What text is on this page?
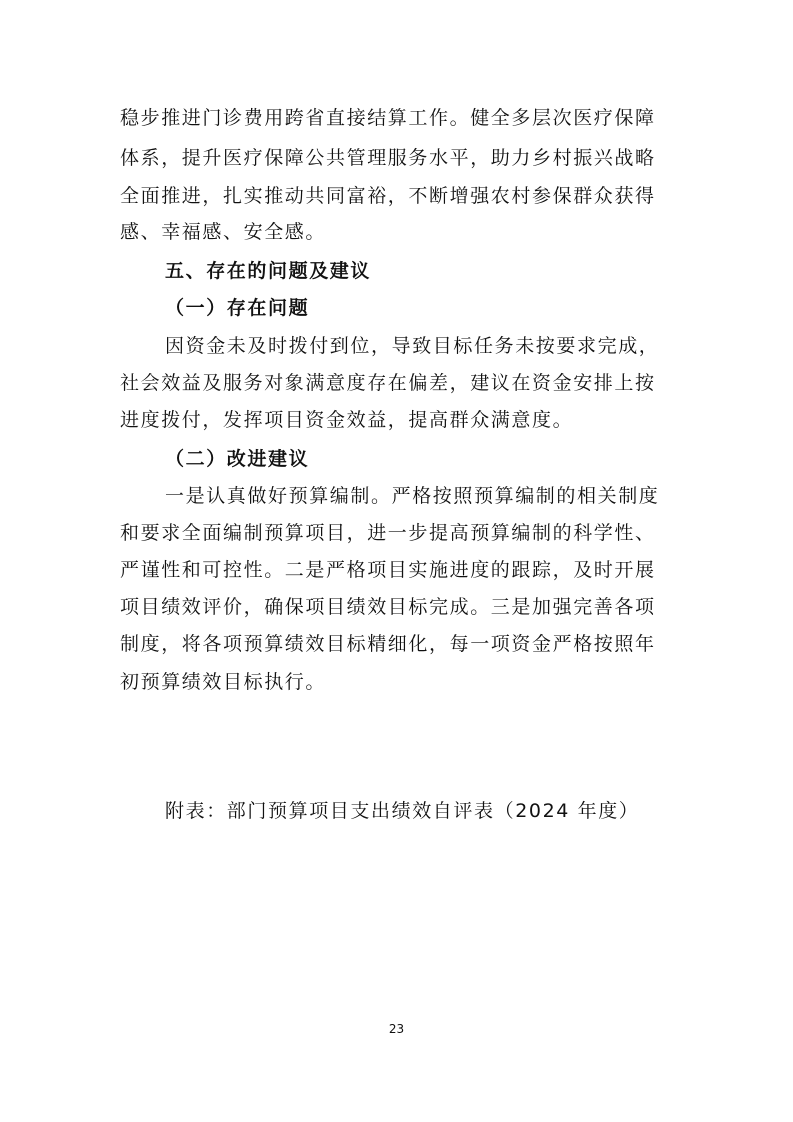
稳步推进门诊费用跨省直接结算工作。健全多层次医疗保障
体系，提升医疗保障公共管理服务水平，助力乡村振兴战略
全面推进，扎实推动共同富裕，不断增强农村参保群众获得
感、幸福感、安全感。
五、存在的问题及建议
（一）存在问题
因资金未及时拨付到位，导致目标任务未按要求完成，
社会效益及服务对象满意度存在偏差，建议在资金安排上按
进度拨付，发挥项目资金效益，提高群众满意度。
（二）改进建议
一是认真做好预算编制。严格按照预算编制的相关制度
和要求全面编制预算项目，进一步提高预算编制的科学性、
严谨性和可控性。二是严格项目实施进度的跟踪，及时开展
项目绩效评价，确保项目绩效目标完成。三是加强完善各项
制度，将各项预算绩效目标精细化，每一项资金严格按照年
初预算绩效目标执行。
附表：部门预算项目支出绩效自评表（2024 年度）
23
